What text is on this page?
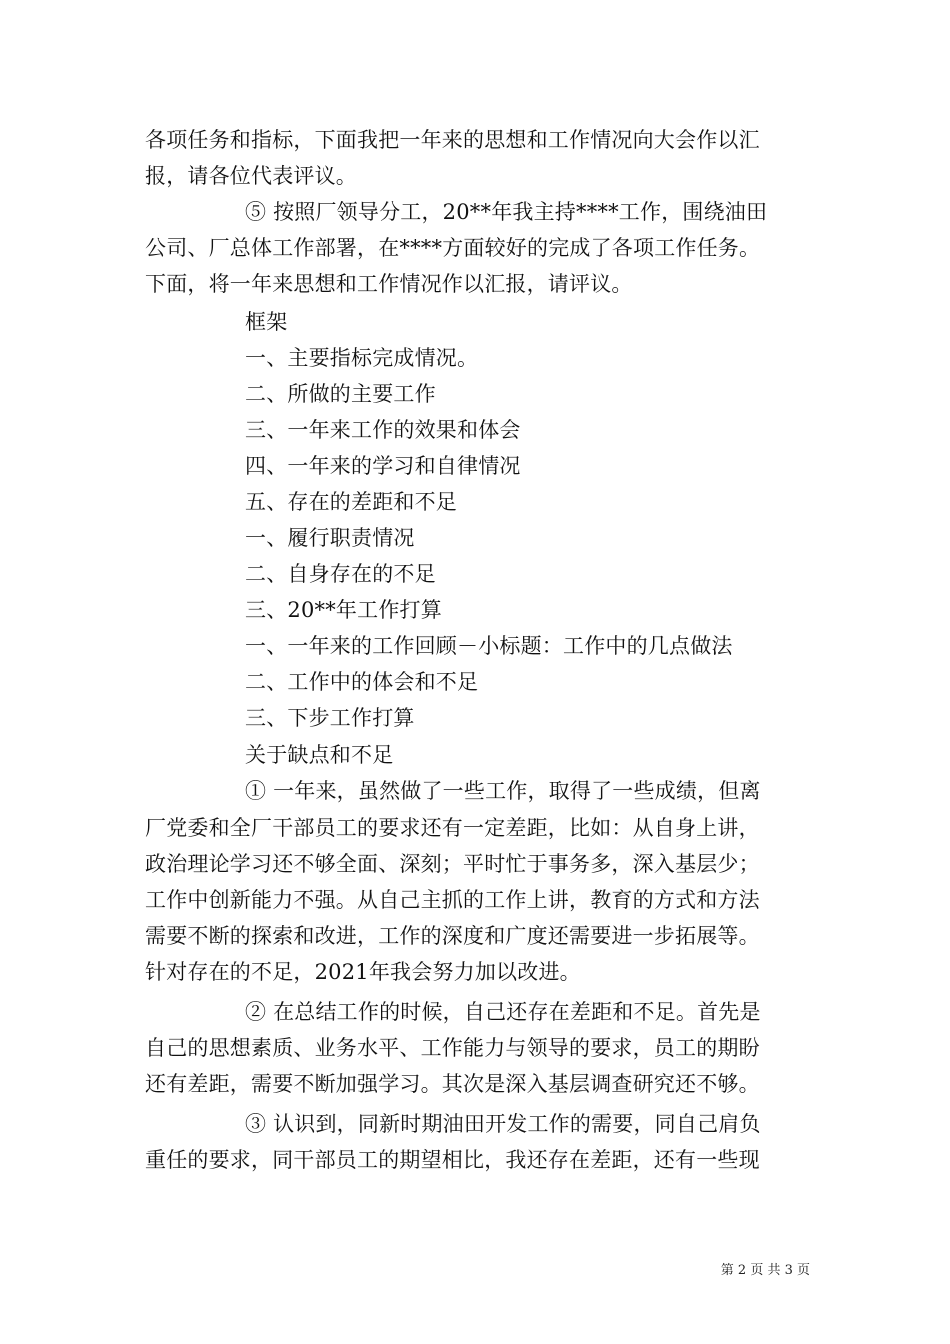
各项任务和指标，下面我把一年来的思想和工作情况向大会作以汇
报，请各位代表评议。
⑤ 按照厂领导分工，20**年我主持****工作，围绕油田
公司、厂总体工作部署，在****方面较好的完成了各项工作任务。
下面，将一年来思想和工作情况作以汇报，请评议。
框架
一、主要指标完成情况。
二、所做的主要工作
三、一年来工作的效果和体会
四、一年来的学习和自律情况
五、存在的差距和不足
一、履行职责情况
二、自身存在的不足
三、20**年工作打算
一、一年来的工作回顾－小标题：工作中的几点做法
二、工作中的体会和不足
三、下步工作打算
关于缺点和不足
① 一年来，虽然做了一些工作，取得了一些成绩，但离
厂党委和全厂干部员工的要求还有一定差距，比如：从自身上讲，
政治理论学习还不够全面、深刻；平时忙于事务多，深入基层少；
工作中创新能力不强。从自己主抓的工作上讲，教育的方式和方法
需要不断的探索和改进，工作的深度和广度还需要进一步拓展等。
针对存在的不足，2021年我会努力加以改进。
② 在总结工作的时候，自己还存在差距和不足。首先是
自己的思想素质、业务水平、工作能力与领导的要求，员工的期盼
还有差距，需要不断加强学习。其次是深入基层调查研究还不够。
③ 认识到，同新时期油田开发工作的需要，同自己肩负
重任的要求，同干部员工的期望相比，我还存在差距，还有一些现
第 2 页 共 3 页
